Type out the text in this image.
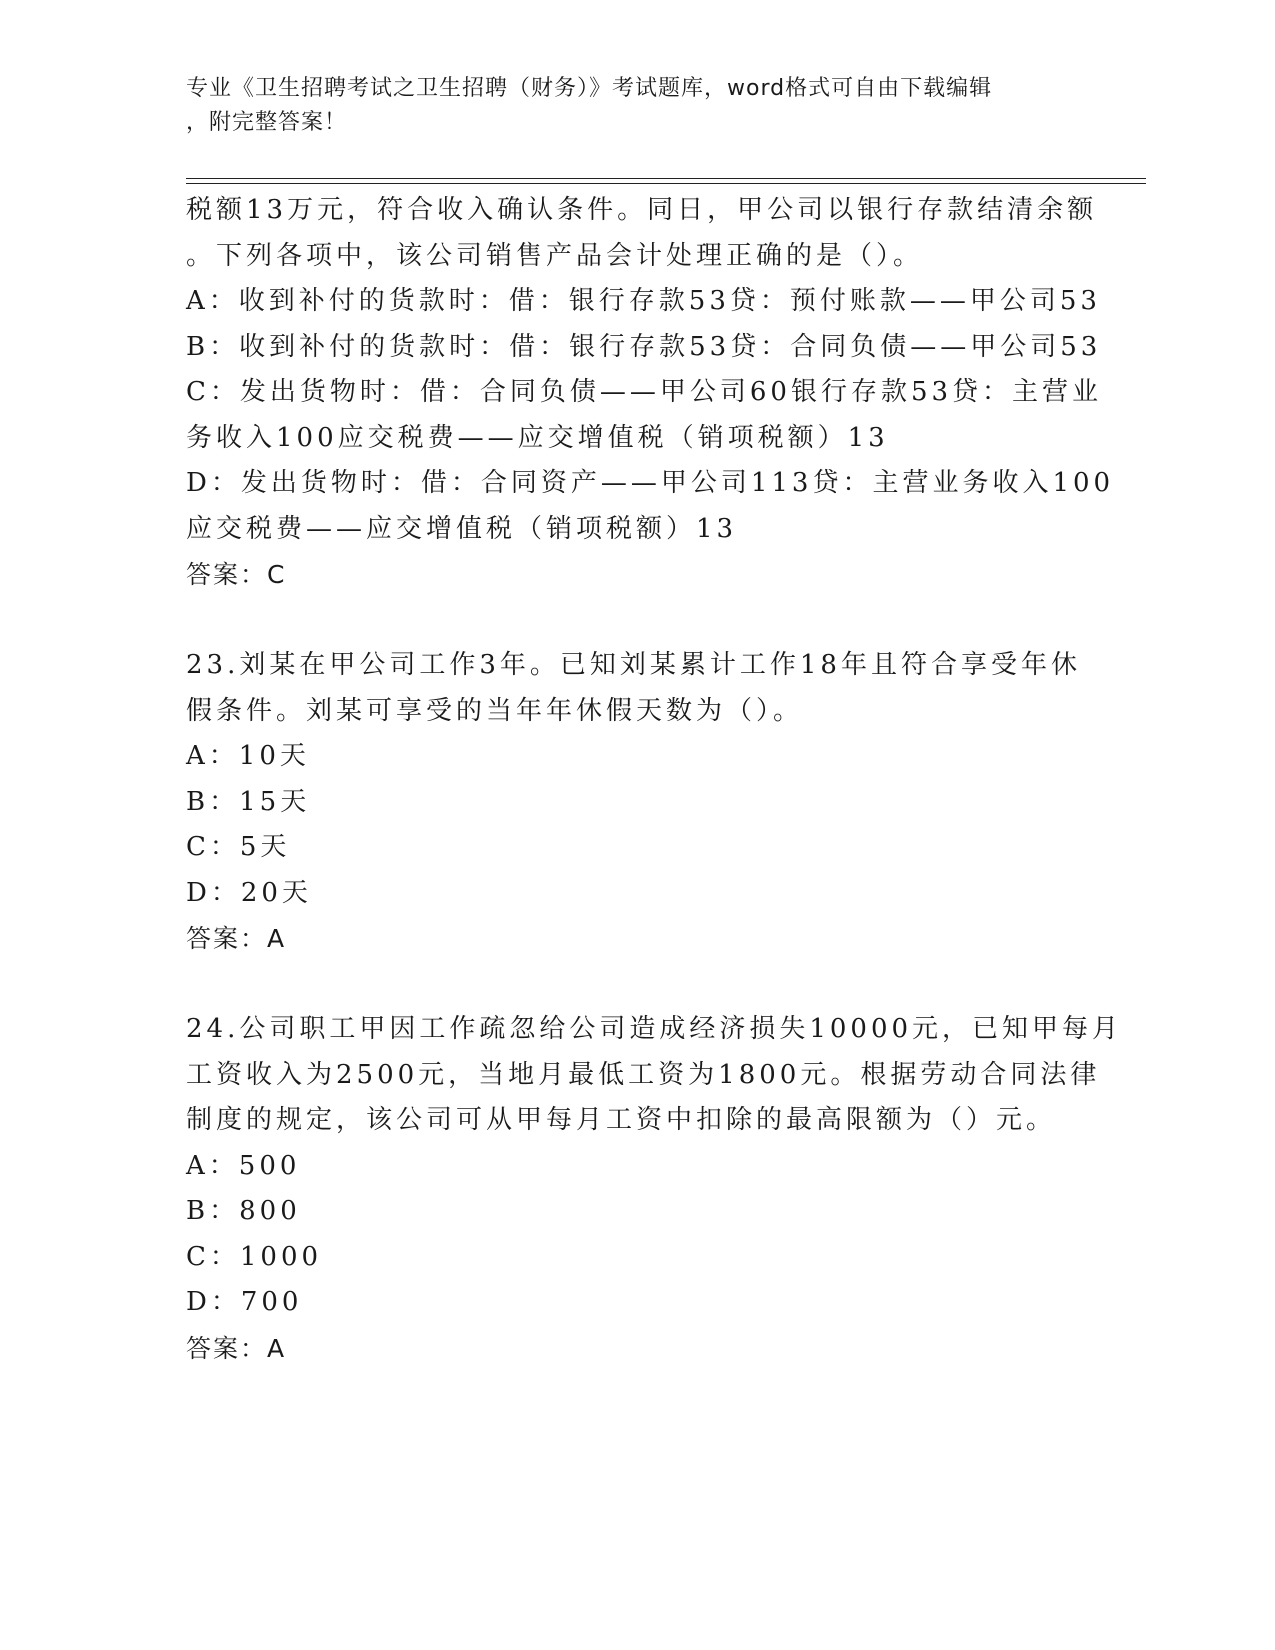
专业《卫生招聘考试之卫生招聘（财务）》考试题库，word格式可自由下载编辑
，附完整答案！
税额13万元，符合收入确认条件。同日，甲公司以银行存款结清余额
。下列各项中，该公司销售产品会计处理正确的是（）。
A：收到补付的货款时：借：银行存款53贷：预付账款——甲公司53
B：收到补付的货款时：借：银行存款53贷：合同负债——甲公司53
C：发出货物时：借：合同负债——甲公司60银行存款53贷：主营业
务收入100应交税费——应交增值税（销项税额）13
D：发出货物时：借：合同资产——甲公司113贷：主营业务收入100
应交税费——应交增值税（销项税额）13
答案：C
23.刘某在甲公司工作3年。已知刘某累计工作18年且符合享受年休
假条件。刘某可享受的当年年休假天数为（）。
A：10天
B：15天
C：5天
D：20天
答案：A
24.公司职工甲因工作疏忽给公司造成经济损失10000元，已知甲每月
工资收入为2500元，当地月最低工资为1800元。根据劳动合同法律
制度的规定，该公司可从甲每月工资中扣除的最高限额为（）元。
A：500
B：800
C：1000
D：700
答案：A
